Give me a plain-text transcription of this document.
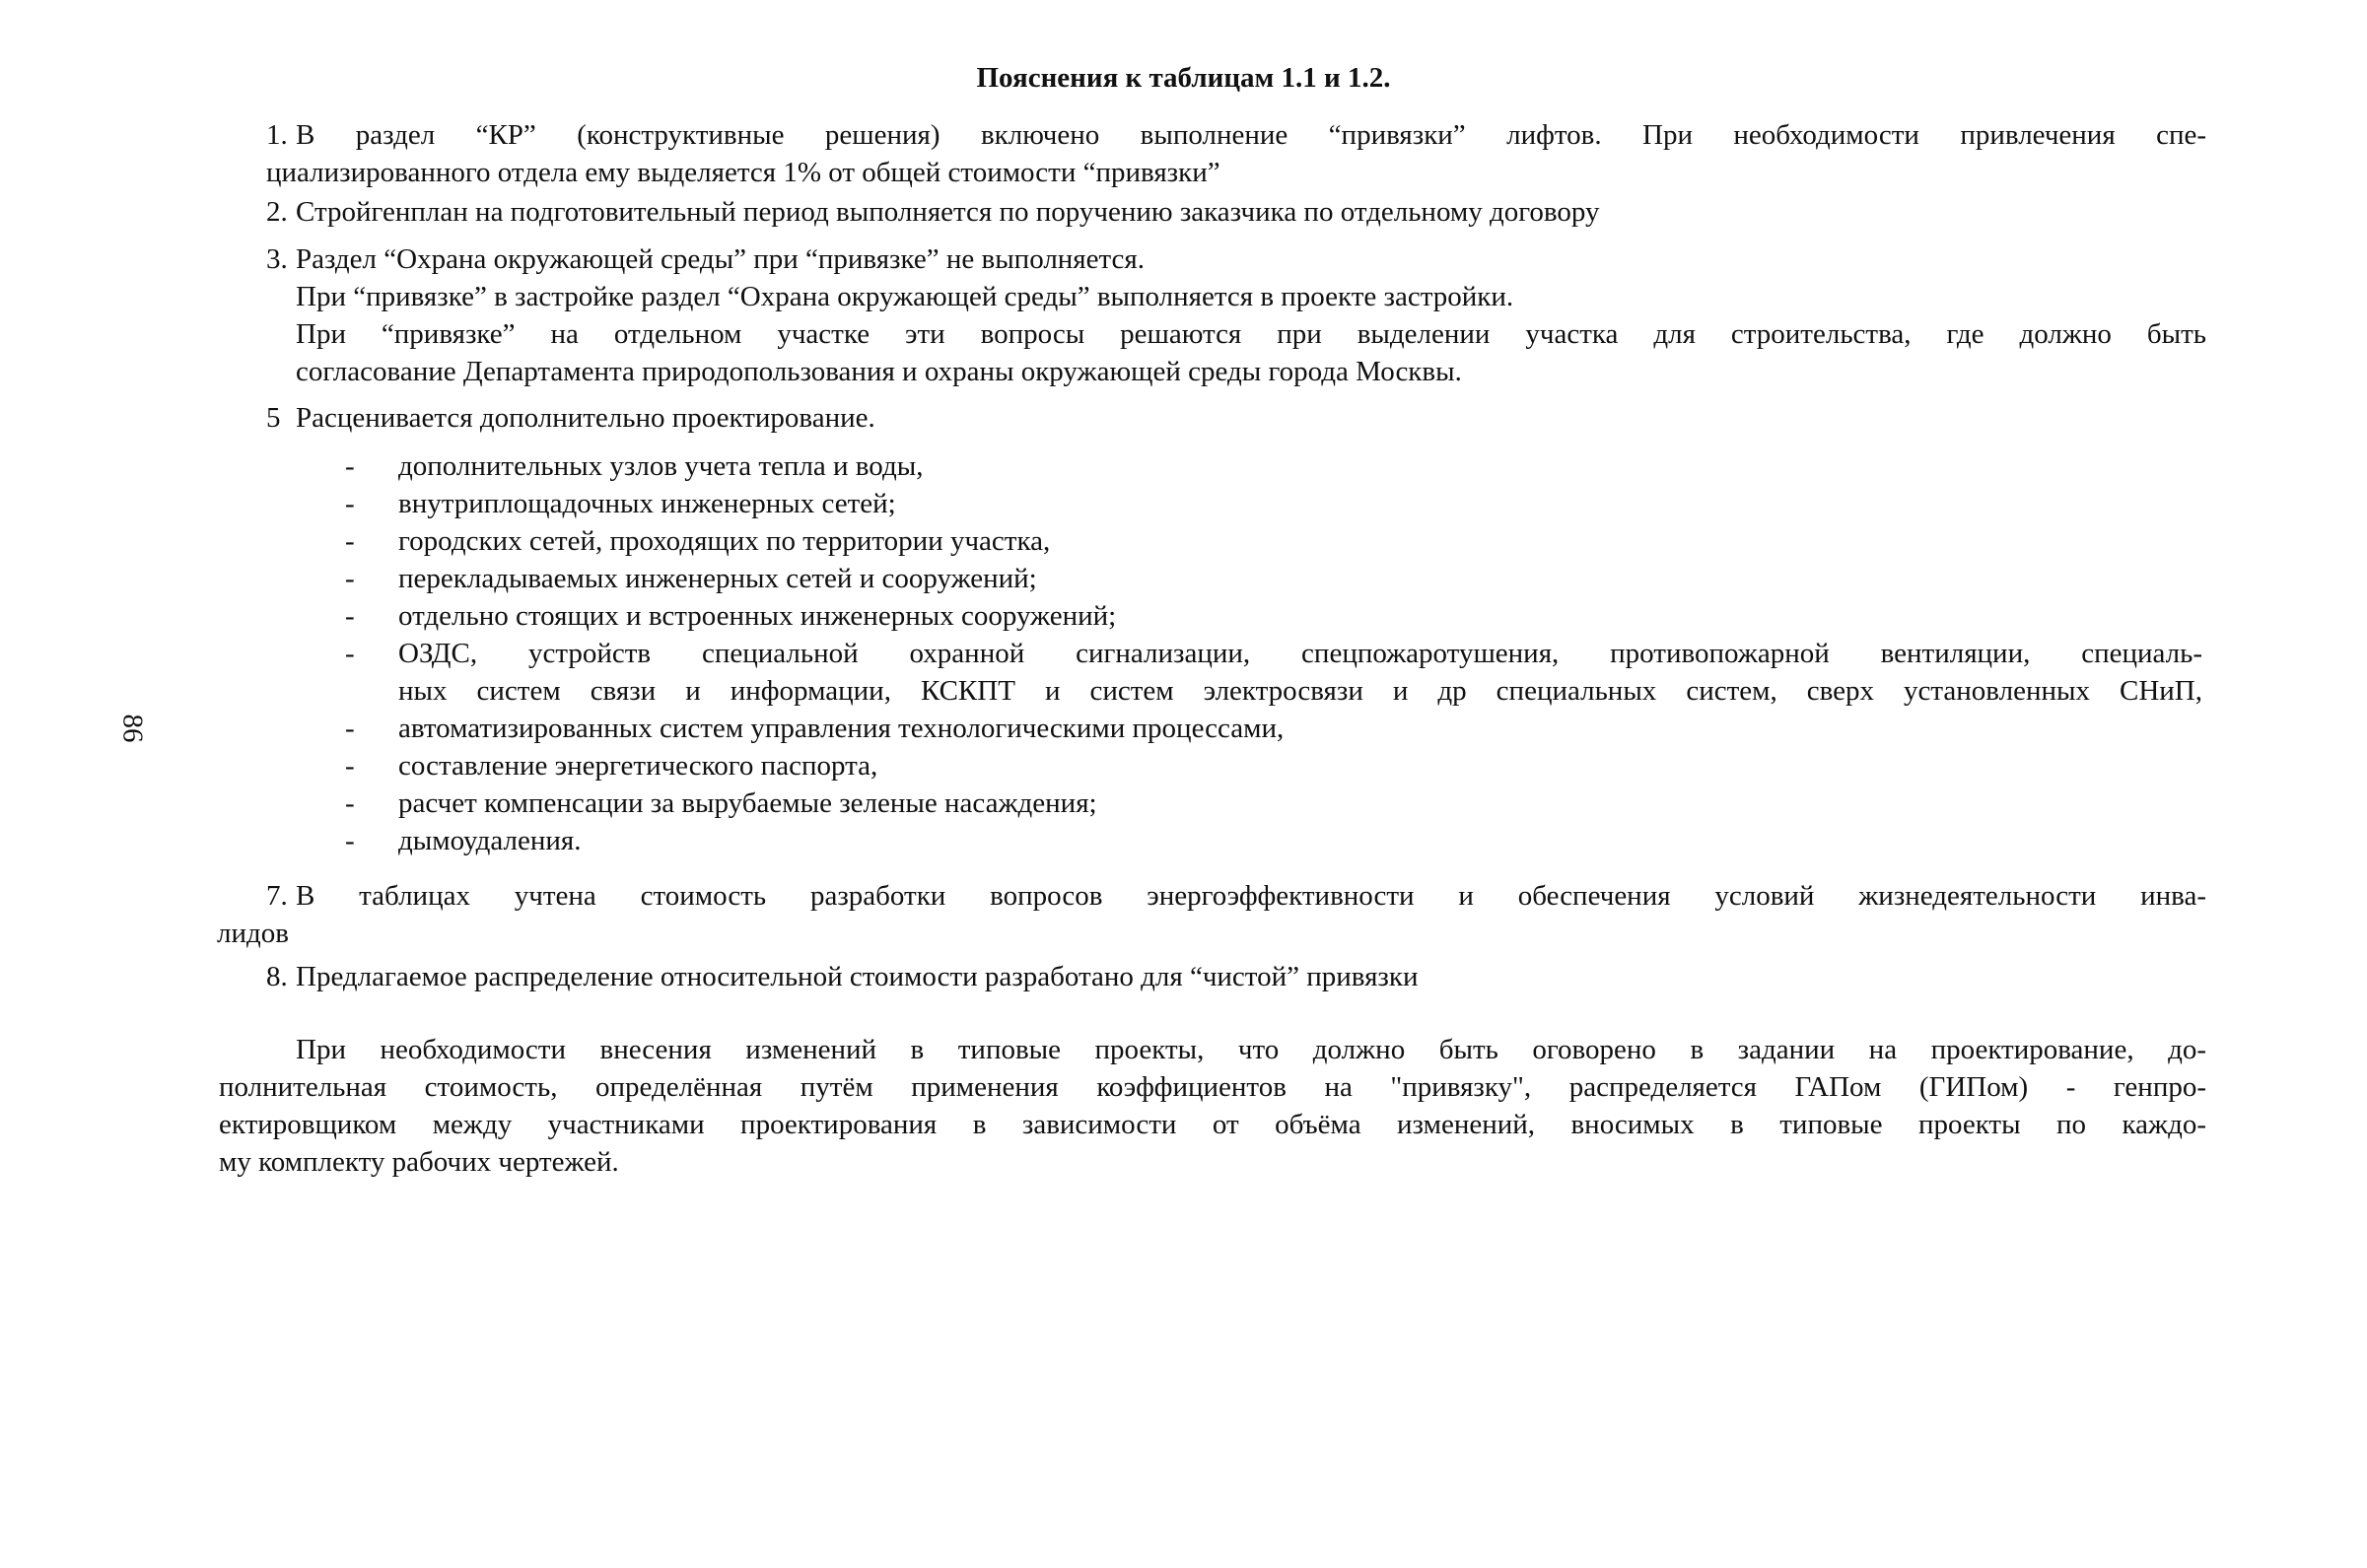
Пояснения к таблицам 1.1 и 1.2.
86
1. В раздел “КР” (конструктивные решения) включено выполнение “привязки” лифтов. При необходимости привлечения спе-
циализированного отдела ему выделяется 1% от общей стоимости “привязки”
2. Стройгенплан на подготовительный период выполняется по поручению заказчика по отдельному договору
3. Раздел “Охрана окружающей среды” при “привязке” не выполняется.
При “привязке” в застройке раздел “Охрана окружающей среды” выполняется в проекте застройки.
При “привязке” на отдельном участке эти вопросы решаются при выделении участка для строительства, где должно быть
согласование Департамента природопользования и охраны окружающей среды города Москвы.
5 Расценивается дополнительно проектирование.
- дополнительных узлов учета тепла и воды,
- внутриплощадочных инженерных сетей;
- городских сетей, проходящих по территории участка,
- перекладываемых инженерных сетей и сооружений;
- отдельно стоящих и встроенных инженерных сооружений;
- ОЗДС, устройств специальной охранной сигнализации, спецпожаротушения, противопожарной вентиляции, специаль-
ных систем связи и информации, КСКПТ и систем электросвязи и др специальных систем, сверх установленных СНиП,
- автоматизированных систем управления технологическими процессами,
- составление энергетического паспорта,
- расчет компенсации за вырубаемые зеленые насаждения;
- дымоудаления.
7. В таблицах учтена стоимость разработки вопросов энергоэффективности и обеспечения условий жизнедеятельности инва-
лидов
8. Предлагаемое распределение относительной стоимости разработано для “чистой” привязки
При необходимости внесения изменений в типовые проекты, что должно быть оговорено в задании на проектирование, до-
полнительная стоимость, определённая путём применения коэффициентов на "привязку", распределяется ГАПом (ГИПом) - генпро-
ектировщиком между участниками проектирования в зависимости от объёма изменений, вносимых в типовые проекты по каждо-
му комплекту рабочих чертежей.
